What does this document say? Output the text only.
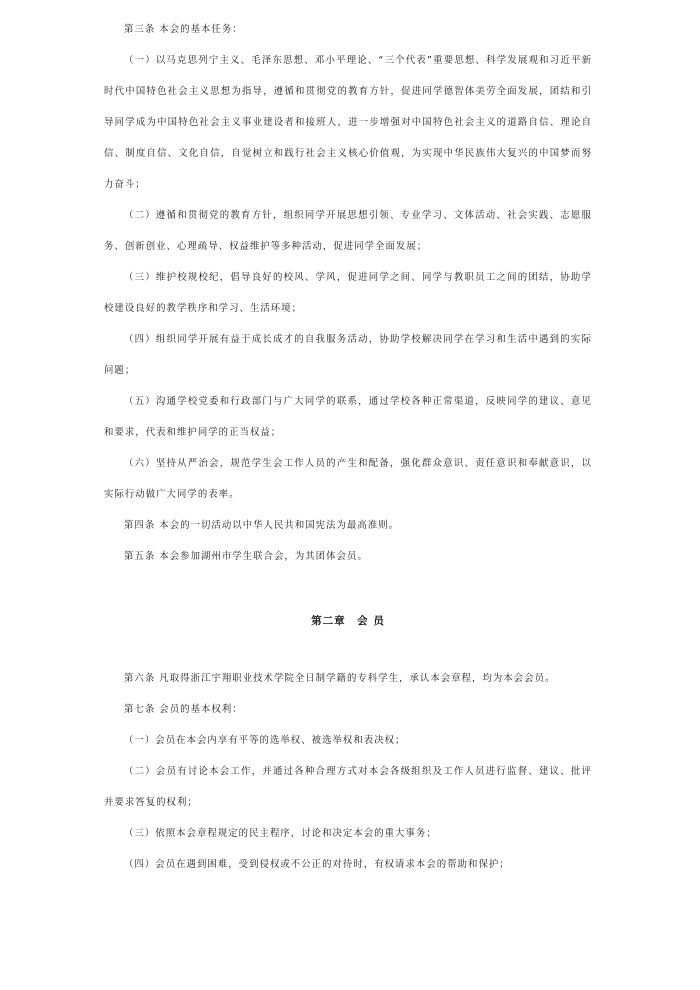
第三条 本会的基本任务：

（一）以马克思列宁主义、毛泽东思想、邓小平理论、“三个代表”重要思想、科学发展观和习近平新时代中国特色社会主义思想为指导，遵循和贯彻党的教育方针，促进同学德智体美劳全面发展，团结和引导同学成为中国特色社会主义事业建设者和接班人，进一步增强对中国特色社会主义的道路自信、理论自信、制度自信、文化自信，自觉树立和践行社会主义核心价值观，为实现中华民族伟大复兴的中国梦而努力奋斗；

（二）遵循和贯彻党的教育方针，组织同学开展思想引领、专业学习、文体活动、社会实践、志愿服务、创新创业、心理疏导、权益维护等多种活动，促进同学全面发展；

（三）维护校规校纪，倡导良好的校风、学风，促进同学之间、同学与教职员工之间的团结，协助学校建设良好的教学秩序和学习、生活环境；

（四）组织同学开展有益于成长成才的自我服务活动，协助学校解决同学在学习和生活中遇到的实际问题；

（五）沟通学校党委和行政部门与广大同学的联系，通过学校各种正常渠道，反映同学的建议、意见和要求，代表和维护同学的正当权益；

（六）坚持从严治会，规范学生会工作人员的产生和配备，强化群众意识、责任意识和奉献意识，以实际行动做广大同学的表率。

第四条 本会的一切活动以中华人民共和国宪法为最高准则。

第五条 本会参加湖州市学生联合会，为其团体会员。

第二章　会 员

第六条 凡取得浙江宇翔职业技术学院全日制学籍的专科学生，承认本会章程，均为本会会员。

第七条 会员的基本权利：

（一）会员在本会内享有平等的选举权、被选举权和表决权；

（二）会员有讨论本会工作，并通过各种合理方式对本会各级组织及工作人员进行监督、建议、批评并要求答复的权利；

（三）依照本会章程规定的民主程序，讨论和决定本会的重大事务；

（四）会员在遇到困难，受到侵权或不公正的对待时，有权请求本会的帮助和保护；
